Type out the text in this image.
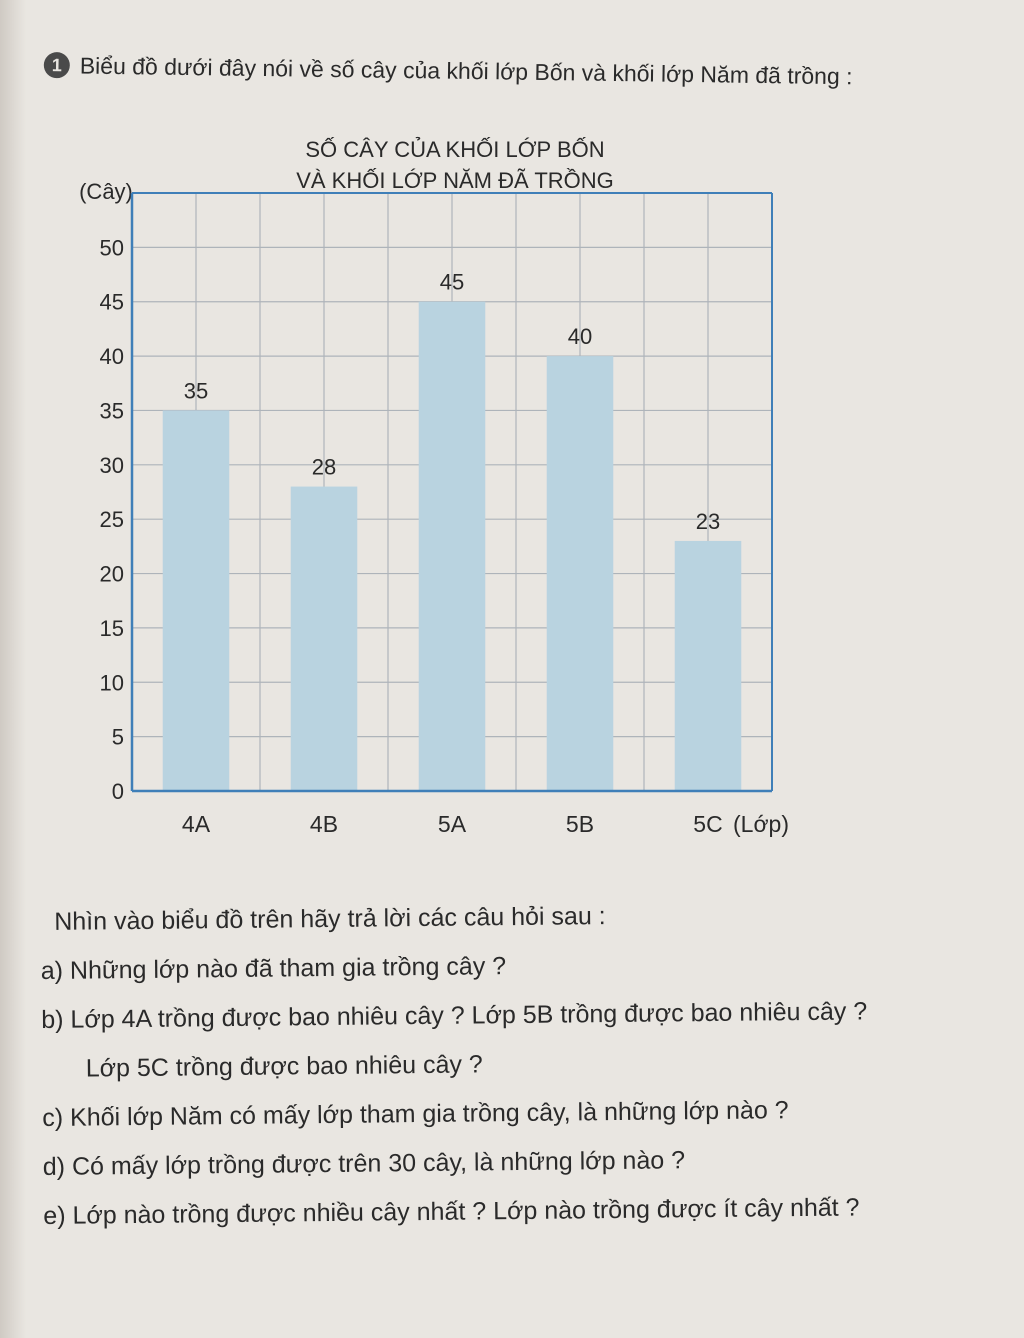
1 Biểu đồ dưới đây nói về số cây của khối lớp Bốn và khối lớp Năm đã trồng :
SỐ CÂY CỦA KHỐI LỚP BỐN
VÀ KHỐI LỚP NĂM ĐÃ TRỒNG
(Cây)
(Lớp)
0
5
10
15
20
25
30
35
40
45
50
4A	4B	5A	5B	5C
35
28
45
40
23
Nhìn vào biểu đồ trên hãy trả lời các câu hỏi sau :
a) Những lớp nào đã tham gia trồng cây ?
b) Lớp 4A trồng được bao nhiêu cây ? Lớp 5B trồng được bao nhiêu cây ?
Lớp 5C trồng được bao nhiêu cây ?
c) Khối lớp Năm có mấy lớp tham gia trồng cây, là những lớp nào ?
d) Có mấy lớp trồng được trên 30 cây, là những lớp nào ?
e) Lớp nào trồng được nhiều cây nhất ? Lớp nào trồng được ít cây nhất ?
